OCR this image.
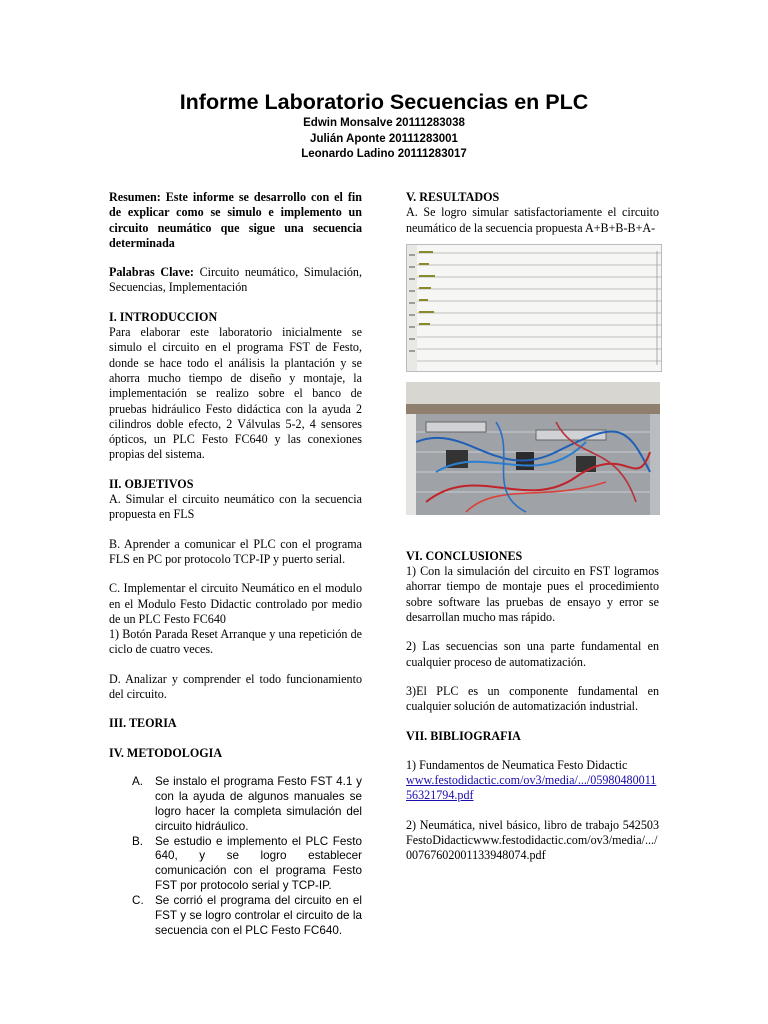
Informe Laboratorio Secuencias en PLC
Edwin Monsalve 20111283038
Julián Aponte 20111283001
Leonardo Ladino 20111283017

Resumen: Este informe se desarrollo con el fin de explicar como se simulo e implemento un circuito neumático que sigue una secuencia determinada

Palabras Clave: Circuito neumático, Simulación, Secuencias, Implementación

I. INTRODUCCION

Para elaborar este laboratorio inicialmente se simulo el circuito en el programa FST de Festo, donde se hace todo el análisis la plantación y se ahorra mucho tiempo de diseño y montaje, la implementación se realizo sobre el banco de pruebas hidráulico Festo didáctica con la ayuda 2 cilindros doble efecto, 2 Válvulas 5-2, 4 sensores ópticos, un PLC Festo FC640 y las conexiones propias del sistema.

II. OBJETIVOS

A. Simular el circuito neumático con la secuencia propuesta en FLS

B. Aprender a comunicar el PLC con el programa FLS en PC por protocolo TCP-IP y puerto serial.

C. Implementar el circuito Neumático en el modulo en el Modulo Festo Didactic controlado por medio de un PLC Festo FC640

1) Botón Parada Reset Arranque y una repetición de ciclo de cuatro veces.

D. Analizar y comprender el todo funcionamiento del circuito.

III. TEORIA

IV. METODOLOGIA

A. Se instalo el programa Festo FST 4.1 y con la ayuda de algunos manuales se logro hacer la completa simulación del circuito hidráulico.
B. Se estudio e implemento el PLC Festo 640, y se logro establecer comunicación con el programa Festo FST por protocolo serial y TCP-IP.
C. Se corrió el programa del circuito en el FST y se logro controlar el circuito de la secuencia con el PLC Festo FC640.

V. RESULTADOS

A. Se logro simular satisfactoriamente el circuito neumático de la secuencia propuesta A+B+B-B+A-

VI. CONCLUSIONES

1) Con la simulación del circuito en FST logramos ahorrar tiempo de montaje pues el procedimiento sobre software las pruebas de ensayo y error se desarrollan mucho mas rápido.

2) Las secuencias son una parte fundamental en cualquier proceso de automatización.

3)El PLC es un componente fundamental en cualquier solución de automatización industrial.

VII. BIBLIOGRAFIA

1) Fundamentos de Neumatica Festo Didactic
www.festodidactic.com/ov3/media/.../0598048001156321794.pdf

2) Neumática, nivel básico, libro de trabajo 542503FestoDidacticwww.festodidactic.com/ov3/media/.../00767602001133948074.pdf
